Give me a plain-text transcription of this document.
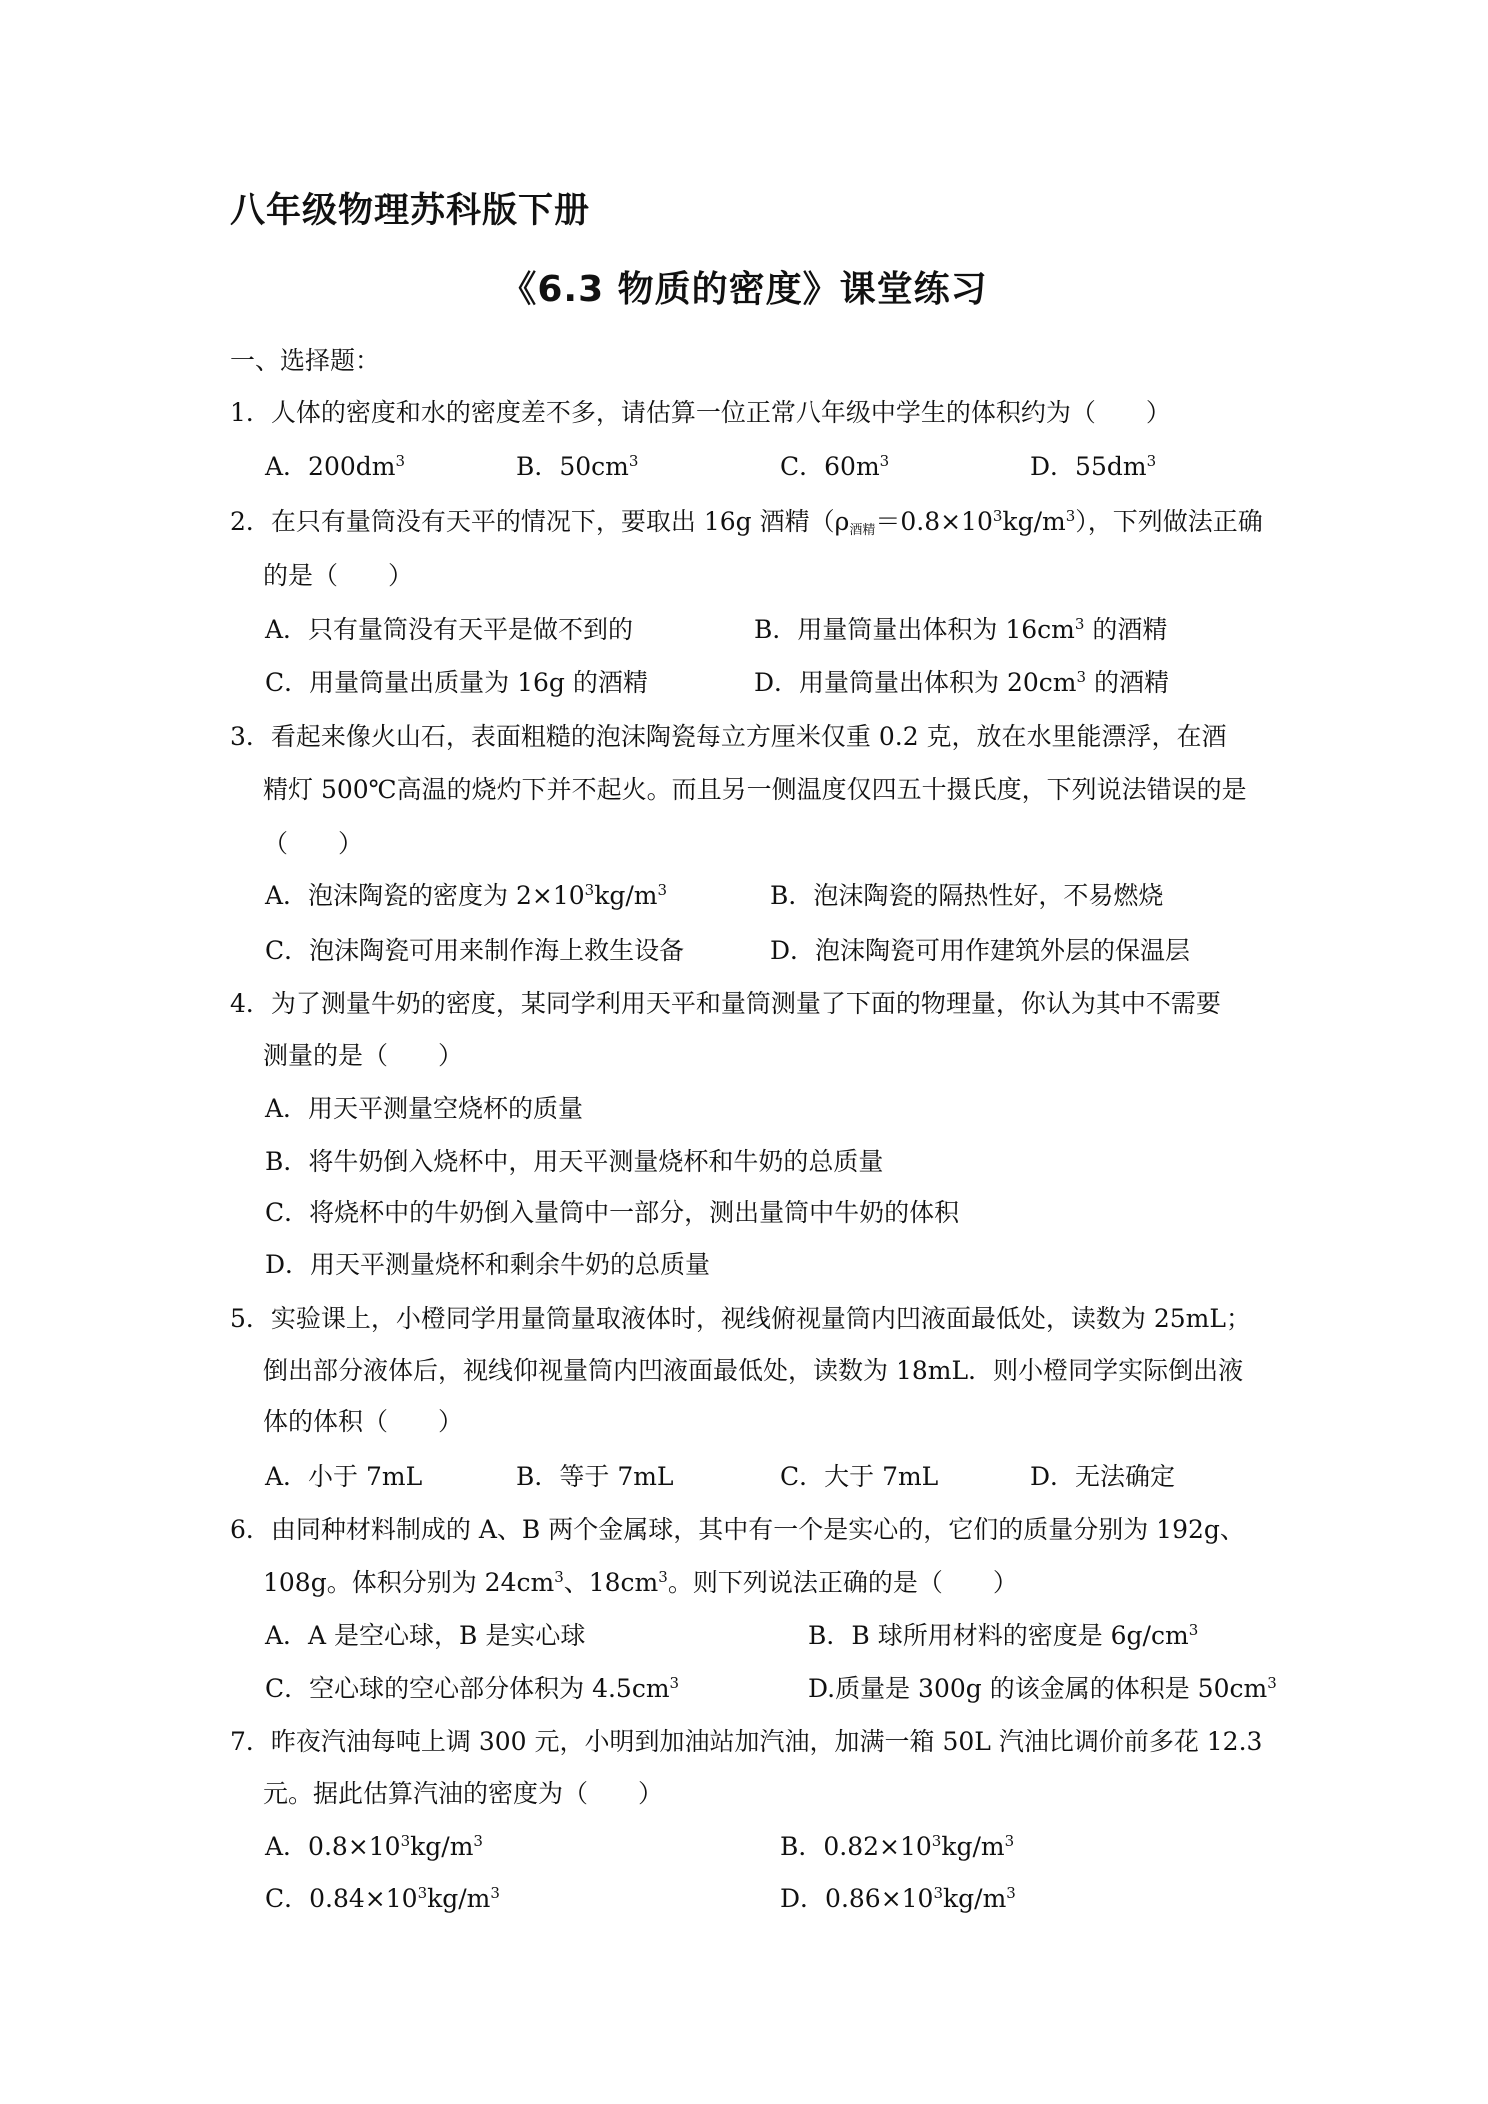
八年级物理苏科版下册
《6.3 物质的密度》课堂练习
一、选择题：
1．人体的密度和水的密度差不多，请估算一位正常八年级中学生的体积约为（　　）
A．$200dm^3$	B．$50cm^3$	C．$60m^3$	D．$55dm^3$
2．在只有量筒没有天平的情况下，要取出 16g 酒精$(\rho_{酒精}=0.8\times 10^3kg/m^3)$，下列做法正确
的是（　　）
A．只有量筒没有天平是做不到的	B．用量筒量出体积为 $16cm^3$ 的酒精
C．用量筒量出质量为 16g 的酒精	D．用量筒量出体积为 $20cm^3$ 的酒精
3．看起来像火山石，表面粗糙的泡沫陶瓷每立方厘米仅重 0.2 克，放在水里能漂浮，在酒
精灯 500℃高温的烧灼下并不起火。而且另一侧温度仅四五十摄氏度，下列说法错误的是
（　　）
A．泡沫陶瓷的密度为 $2\times 10^3kg/m^3$	B．泡沫陶瓷的隔热性好，不易燃烧
C．泡沫陶瓷可用来制作海上救生设备	D．泡沫陶瓷可用作建筑外层的保温层
4．为了测量牛奶的密度，某同学利用天平和量筒测量了下面的物理量，你认为其中不需要
测量的是（　　）
A．用天平测量空烧杯的质量
B．将牛奶倒入烧杯中，用天平测量烧杯和牛奶的总质量
C．将烧杯中的牛奶倒入量筒中一部分，测出量筒中牛奶的体积
D．用天平测量烧杯和剩余牛奶的总质量
5．实验课上，小橙同学用量筒量取液体时，视线俯视量筒内凹液面最低处，读数为 25mL；
倒出部分液体后，视线仰视量筒内凹液面最低处，读数为 18mL．则小橙同学实际倒出液
体的体积（　　）
A．小于 7mL	B．等于 7mL	C．大于 7mL	D．无法确定
6．由同种材料制成的 A、B 两个金属球，其中有一个是实心的，它们的质量分别为 192g、
108g。体积分别为 $24cm^3$、$18cm^3$。则下列说法正确的是（　　）
A．A 是空心球，B 是实心球	B．B 球所用材料的密度是 $6g/cm^3$
C．空心球的空心部分体积为 $4.5cm^3$	D.质量是 300g 的该金属的体积是 $50cm^3$
7．昨夜汽油每吨上调 300 元，小明到加油站加汽油，加满一箱 50L 汽油比调价前多花 12.3
元。据此估算汽油的密度为（　　）
A．$0.8\times 10^3kg/m^3$	B．$0.82\times 10^3kg/m^3$
C．$0.84\times 10^3kg/m^3$	D．$0.86\times 10^3kg/m^3$
